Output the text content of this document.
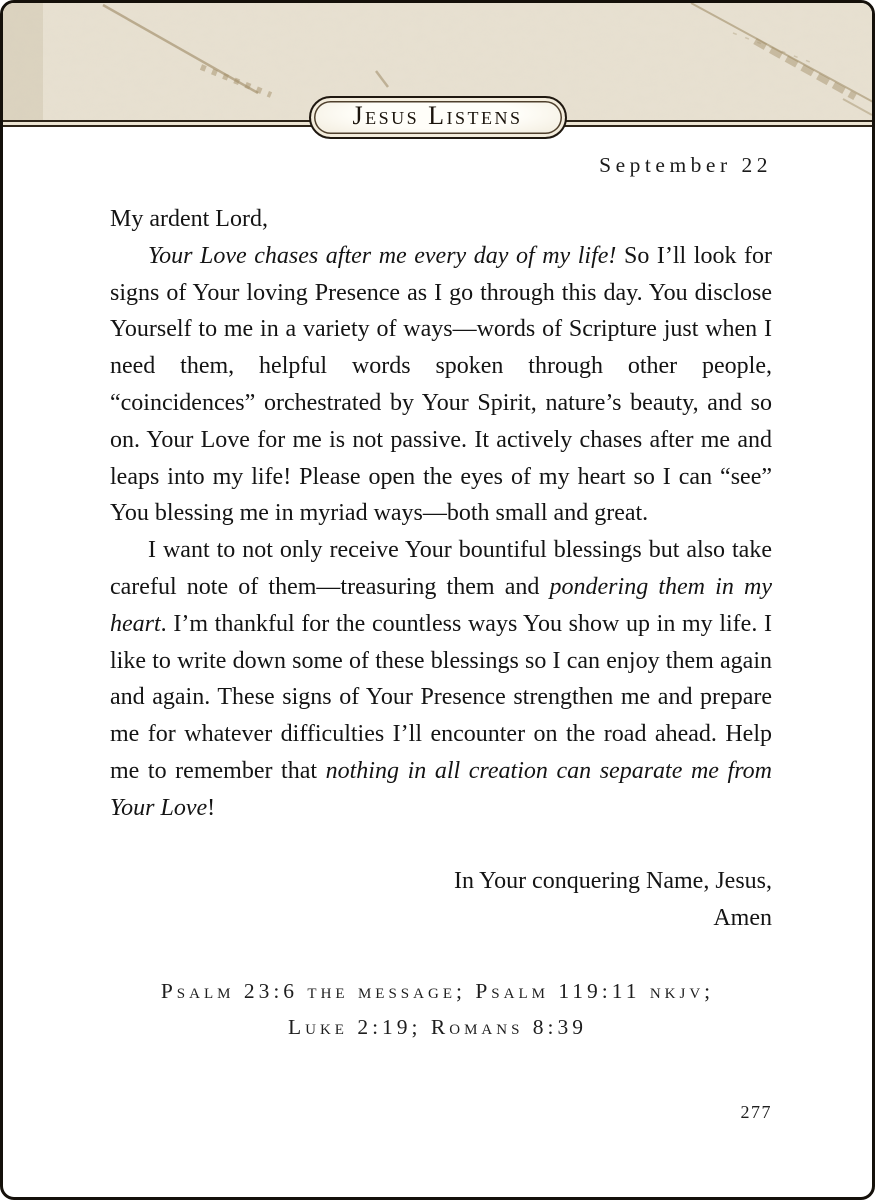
Jesus Listens
September 22

My ardent Lord,

Your Love chases after me every day of my life! So I’ll look for signs of Your loving Presence as I go through this day. You disclose Yourself to me in a variety of ways—words of Scripture just when I need them, helpful words spoken through other people, “coincidences” orchestrated by Your Spirit, nature’s beauty, and so on. Your Love for me is not passive. It actively chases after me and leaps into my life! Please open the eyes of my heart so I can “see” You blessing me in myriad ways—both small and great.

I want to not only receive Your bountiful blessings but also take careful note of them—treasuring them and pondering them in my heart. I’m thankful for the countless ways You show up in my life. I like to write down some of these blessings so I can enjoy them again and again. These signs of Your Presence strengthen me and prepare me for whatever difficulties I’ll encounter on the road ahead. Help me to remember that nothing in all creation can separate me from Your Love!

In Your conquering Name, Jesus,

Amen

Psalm 23:6 the message; Psalm 119:11 nkjv;

Luke 2:19; Romans 8:39

277
